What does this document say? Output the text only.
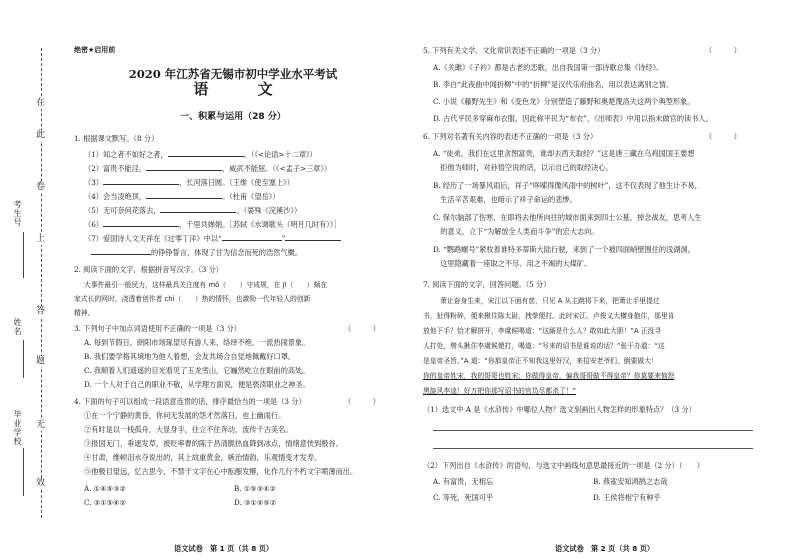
在
此
卷
上
答
题
无
效
考生号
姓名
毕业学校
绝密★启用前
2020 年江苏省无锡市初中学业水平考试
语 文
一、积累与运用（28 分）
1. 根据课文默写。（8 分）
（1）知之者不如好之者，	。（《<论语>十二章》）
（2）富贵不能淫，	，威武不能屈。（《<孟子>三章》）
（3）	，长河落日圆。（王维《使至塞上》）
（4）会当凌绝顶，	。（杜甫《望岳》）
（5）无可奈何花落去，	。（晏殊《浣溪沙》）
（6）	，千里共婵娟。［苏轼《水调歌头（明月几时有）》］
（7）爱国诗人文天祥在《过零丁洋》中以“	”
的铮铮誓言，体现了甘为信念而死的浩然气概。
2. 阅读下面的文字，根据拼音写汉字。（3 分）
大事件最引一般民力，这样最具关注度有 mǒ（　　）守成规，在 jī（　　）颇在
家式长的网时，浇透着创作者 chì（　　）热的情怀，也激励一代年轻人的创新
精神。
3. 下列句子中加点词语使用不正确的一项是（3 分）	（　　　）
A. 每到节假日，朗阳市场琢望尽有游人来，络绎不绝，一派热闹景象。
B. 我们要学格其境地为他人着想，会友共场合自觉地佩戴好口罩。
C. 我顺着人们遥遥的目光看见了玉龙雪山，它巍然屹立在眼前的高处。
D. 一个人对于自己的职业不敬，从学理方面说，便是亵渎职业之神圣。
4. 下面的句子可以组成一段语意连贯的话，排序最恰当的一项是（3 分）	（　　　）
①在一个宁静的黄昏，你问无发展的怨才然落日，也上幽雨行。
②有时是以一栈孤舟，大显身手，往立不住奔动，流传千古美名。
③报国无门，垂遮发草，被贬率曹的陈于昌清脆热血降到冰点，情绪意恍到极谷。
④甘肃，维顿泪水夺说出的，其上故重黄金，嫉治情韵，乐观情变才发寿。
⑤他极目望远，忆古思今，不禁于文字在心中酝酿发酵，化作几行不朽文字喷薄而出。
A. ①④⑤③②	B. ①⑤③④②
C. ③①⑤④②	D. ③①④⑤②
语文试卷　第 1 页（共 8 页）
5. 下列有关文学、文化常识表述不正确的一项是（3 分）	（　　　）
A.《关雎》《子衿》都是古老的恋歌，出自我国第一部诗歌总集《诗经》。
B. 李白“此夜曲中闻折柳”中的“折柳”是汉代乐府曲名，用以表达离别之情。
C. 小说《藤野先生》和《变色龙》分别塑造了藤野和奥楚蔑洛夫这两个典型形象。
D. 古代平民多穿麻布衣服，因此称平民为“布衣”，《出师表》中用以指未做官的读书人。
6. 下列对名著有关内容的表述不正确的一项是（3 分）	（　　　）
A. “徒弟，我们在这里贪图富贵，谁却去西天取经？”这是唐三藏在乌鸡国国王要想
　拒他为师时，对孙悟空说的话，以示自己的取经决心。
B. 经历了一场暴风雨后，祥子“哆嗦得像风雨中的树叶”，这不仅表现了他生计不易，
　生活辛苦艰难，也暗示了祥子命运的悲惨。
C. 保尔脑部了伤寒，在即将去他所向往的城市面来到四士公墓，掉念战友，思考人生
　的意义，立下“为解放全人类而斗争”的宏大志向。
D. “鹦鹉螺号”紧枚着谁特多蒂斯大陆行驶，来到了一个被四面峭壁围住的浅湖洞，
　这里隐藏着一座取之不尽、用之不竭的大煤矿。
7. 阅读下面的文字，回答问题。（5 分）
萧让奋身生来，宋江以下面有慈，只见 A 从主跳将下来，把萧让手里提过
书，扯得粉碎，便来揪住陈太尉，拽拳便打。此时宋江、卢俊义大横身抱住，那里肯
放他下手？恰才解拼开，李虞候喝道：“这厮是什么人？敢如此大胆！”A 正没寻
人打处，劈头揪住李虞候便打，喝道：“写来的诏书是谁说的话？”张干办道：“这
是皇帝圣旨。”A 道：“你那皇帝正不知我这里好汉，来招安老爷们，倒要做大！
你的皇帝姓宋，我的哥哥也姓宋；你做得皇帝，偏我哥哥做不得皇帝？你莫要来恼怒
黑旋风李逵！好万把你那写诏书的官员尽都杀了！”
（1）选文中 A 是《水浒传》中哪位人物？选文刻画出人物怎样的形象特点？（3 分）
（2）下列出自《水浒传》的语句，与选文中画线句意思最接近的一项是（2 分）（　　）
A. 有富贵，无相忘	B. 燕雀安知鸿鹄之志哉
C. 等死，死国可乎	D. 王侯将相宁有种乎
语文试卷　第 2 页（共 8 页）
